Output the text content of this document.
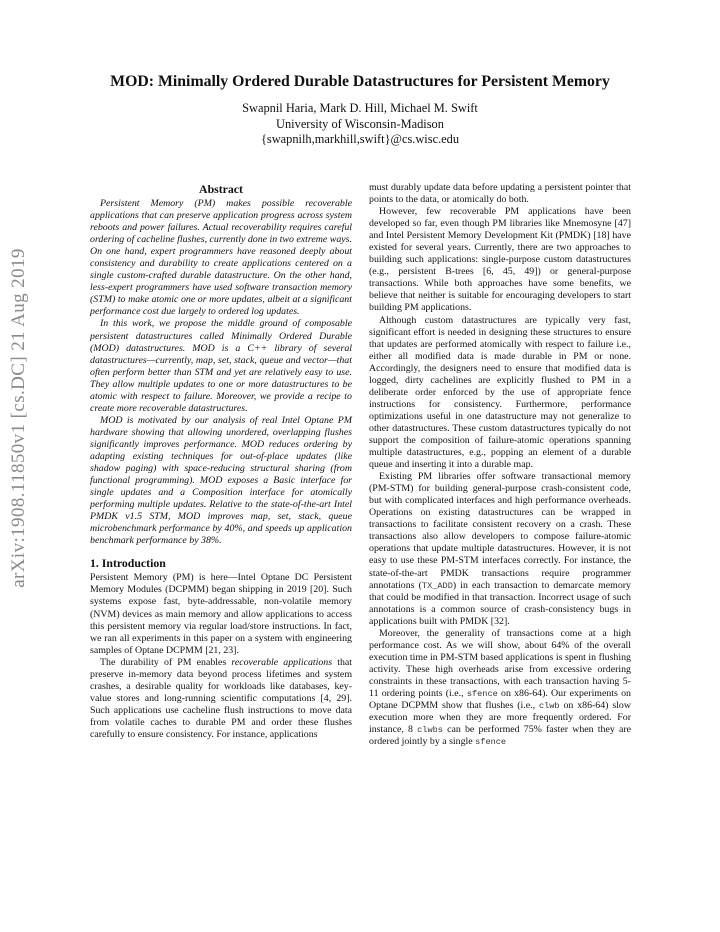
arXiv:1908.11850v1 [cs.DC] 21 Aug 2019
MOD: Minimally Ordered Durable Datastructures for Persistent Memory
Swapnil Haria, Mark D. Hill, Michael M. Swift
University of Wisconsin-Madison
{swapnilh,markhill,swift}@cs.wisc.edu
Abstract

Persistent Memory (PM) makes possible recoverable applications that can preserve application progress across system reboots and power failures. Actual recoverability requires careful ordering of cacheline flushes, currently done in two extreme ways. On one hand, expert programmers have reasoned deeply about consistency and durability to create applications centered on a single custom-crafted durable datastructure. On the other hand, less-expert programmers have used software transaction memory (STM) to make atomic one or more updates, albeit at a significant performance cost due largely to ordered log updates.

In this work, we propose the middle ground of composable persistent datastructures called Minimally Ordered Durable (MOD) datastructures. MOD is a C++ library of several datastructures—currently, map, set, stack, queue and vector—that often perform better than STM and yet are relatively easy to use. They allow multiple updates to one or more datastructures to be atomic with respect to failure. Moreover, we provide a recipe to create more recoverable datastructures.

MOD is motivated by our analysis of real Intel Optane PM hardware showing that allowing unordered, overlapping flushes significantly improves performance. MOD reduces ordering by adapting existing techniques for out-of-place updates (like shadow paging) with space-reducing structural sharing (from functional programming). MOD exposes a Basic interface for single updates and a Composition interface for atomically performing multiple updates. Relative to the state-of-the-art Intel PMDK v1.5 STM, MOD improves map, set, stack, queue microbenchmark performance by 40%, and speeds up application benchmark performance by 38%.

1. Introduction

Persistent Memory (PM) is here—Intel Optane DC Persistent Memory Modules (DCPMM) began shipping in 2019 [20]. Such systems expose fast, byte-addressable, non-volatile memory (NVM) devices as main memory and allow applications to access this persistent memory via regular load/store instructions. In fact, we ran all experiments in this paper on a system with engineering samples of Optane DCPMM [21, 23].

The durability of PM enables recoverable applications that preserve in-memory data beyond process lifetimes and system crashes, a desirable quality for workloads like databases, key-value stores and long-running scientific computations [4, 29]. Such applications use cacheline flush instructions to move data from volatile caches to durable PM and order these flushes carefully to ensure consistency. For instance, applications

must durably update data before updating a persistent pointer that points to the data, or atomically do both.

However, few recoverable PM applications have been developed so far, even though PM libraries like Mnemosyne [47] and Intel Persistent Memory Development Kit (PMDK) [18] have existed for several years. Currently, there are two approaches to building such applications: single-purpose custom datastructures (e.g., persistent B-trees [6, 45, 49]) or general-purpose transactions. While both approaches have some benefits, we believe that neither is suitable for encouraging developers to start building PM applications.

Although custom datastructures are typically very fast, significant effort is needed in designing these structures to ensure that updates are performed atomically with respect to failure i.e., either all modified data is made durable in PM or none. Accordingly, the designers need to ensure that modified data is logged, dirty cachelines are explicitly flushed to PM in a deliberate order enforced by the use of appropriate fence instructions for consistency. Furthermore, performance optimizations useful in one datastructure may not generalize to other datastructures. These custom datastructures typically do not support the composition of failure-atomic operations spanning multiple datastructures, e.g., popping an element of a durable queue and inserting it into a durable map.

Existing PM libraries offer software transactional memory (PM-STM) for building general-purpose crash-consistent code, but with complicated interfaces and high performance overheads. Operations on existing datastructures can be wrapped in transactions to facilitate consistent recovery on a crash. These transactions also allow developers to compose failure-atomic operations that update multiple datastructures. However, it is not easy to use these PM-STM interfaces correctly. For instance, the state-of-the-art PMDK transactions require programmer annotations (TX_ADD) in each transaction to demarcate memory that could be modified in that transaction. Incorrect usage of such annotations is a common source of crash-consistency bugs in applications built with PMDK [32].

Moreover, the generality of transactions come at a high performance cost. As we will show, about 64% of the overall execution time in PM-STM based applications is spent in flushing activity. These high overheads arise from excessive ordering constraints in these transactions, with each transaction having 5-11 ordering points (i.e., sfence on x86-64). Our experiments on Optane DCPMM show that flushes (i.e., clwb on x86-64) slow execution more when they are more frequently ordered. For instance, 8 clwbs can be performed 75% faster when they are ordered jointly by a single sfence
